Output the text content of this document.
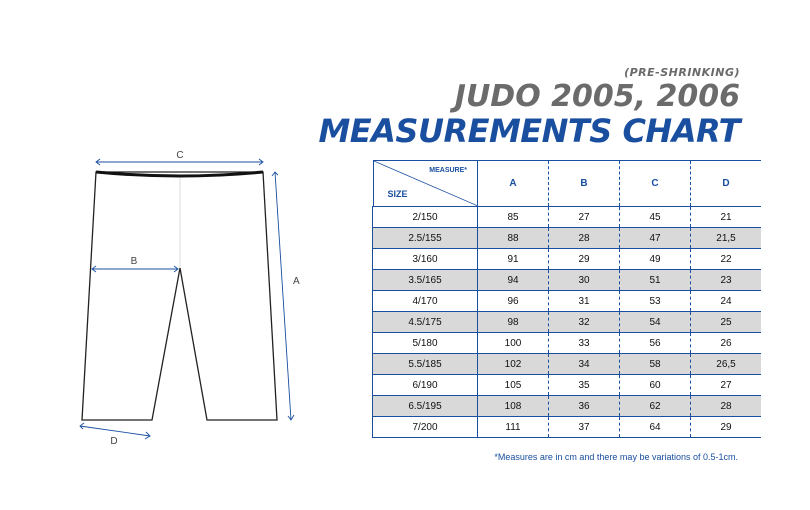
(PRE-SHRINKING)
JUDO 2005, 2006
MEASUREMENTS CHART
C
B
A
D
MEASURE*
SIZE	A	B	C	D
2/150	85	27	45	21
2.5/155	88	28	47	21,5
3/160	91	29	49	22
3.5/165	94	30	51	23
4/170	96	31	53	24
4.5/175	98	32	54	25
5/180	100	33	56	26
5.5/185	102	34	58	26,5
6/190	105	35	60	27
6.5/195	108	36	62	28
7/200	111	37	64	29
*Measures are in cm and there may be variations of 0.5-1cm.
